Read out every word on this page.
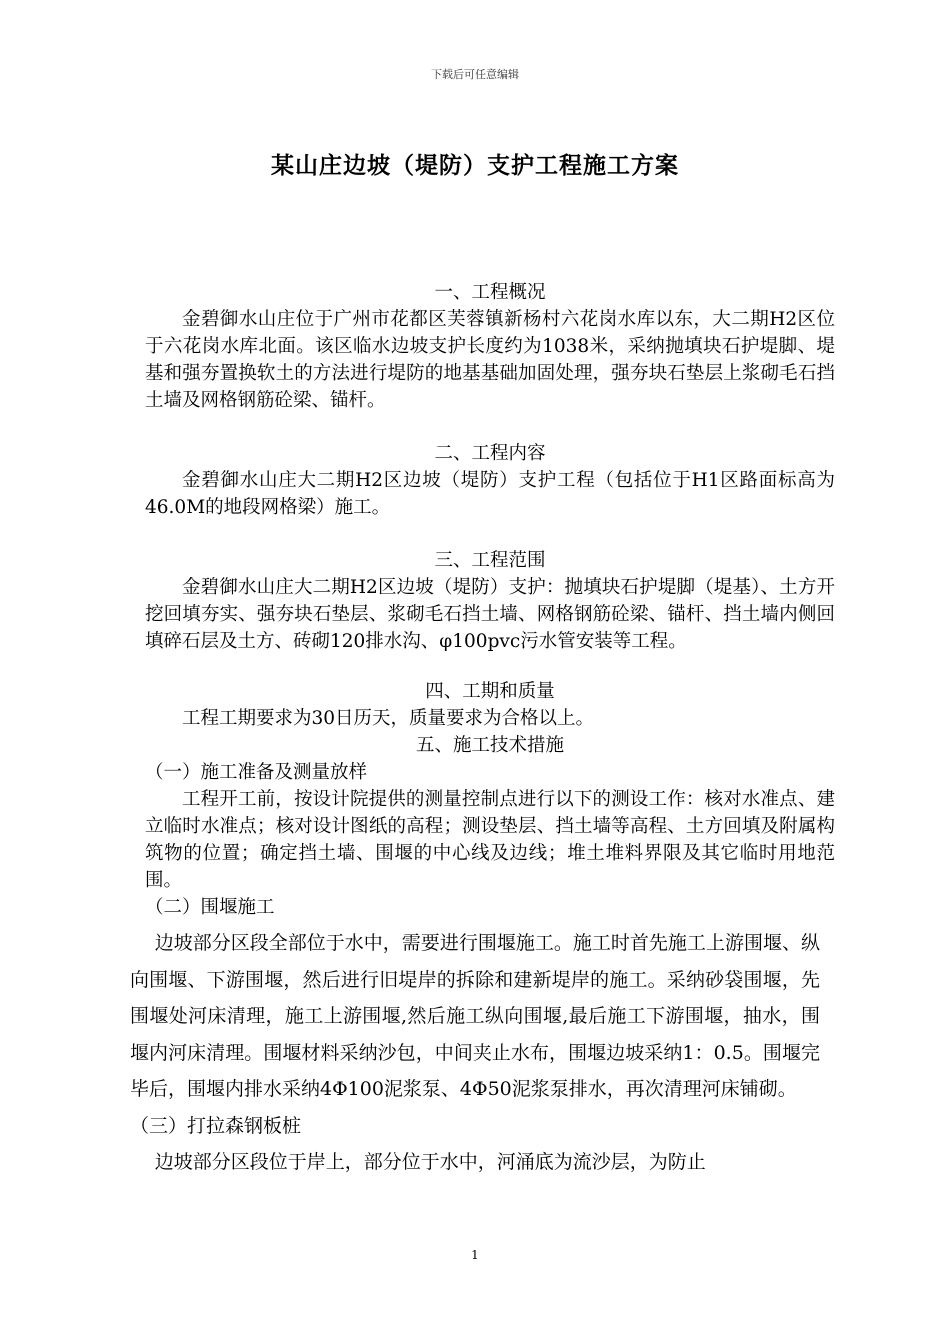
下载后可任意编辑
某山庄边坡（堤防）支护工程施工方案
一、工程概况

金碧御水山庄位于广州市花都区芙蓉镇新杨村六花岗水库以东，大二期H2区位于六花岗水库北面。该区临水边坡支护长度约为1038米，采纳抛填块石护堤脚、堤基和强夯置换软土的方法进行堤防的地基基础加固处理，强夯块石垫层上浆砌毛石挡土墙及网格钢筋砼梁、锚杆。

二、工程内容

金碧御水山庄大二期H2区边坡（堤防）支护工程（包括位于H1区路面标高为46.0M的地段网格梁）施工。

三、工程范围

金碧御水山庄大二期H2区边坡（堤防）支护：抛填块石护堤脚（堤基）、土方开挖回填夯实、强夯块石垫层、浆砌毛石挡土墙、网格钢筋砼梁、锚杆、挡土墙内侧回填碎石层及土方、砖砌120排水沟、φ100pvc污水管安装等工程。

四、工期和质量

工程工期要求为30日历天，质量要求为合格以上。

五、施工技术措施

（一）施工准备及测量放样

工程开工前，按设计院提供的测量控制点进行以下的测设工作：核对水准点、建立临时水准点；核对设计图纸的高程；测设垫层、挡土墙等高程、土方回填及附属构筑物的位置；确定挡土墙、围堰的中心线及边线；堆土堆料界限及其它临时用地范围。

（二）围堰施工

边坡部分区段全部位于水中，需要进行围堰施工。施工时首先施工上游围堰、纵向围堰、下游围堰，然后进行旧堤岸的拆除和建新堤岸的施工。采纳砂袋围堰，先围堰处河床清理，施工上游围堰,然后施工纵向围堰,最后施工下游围堰，抽水，围堰内河床清理。围堰材料采纳沙包，中间夹止水布，围堰边坡采纳1：0.5。围堰完毕后，围堰内排水采纳4Φ100泥浆泵、4Φ50泥浆泵排水，再次清理河床铺砌。

（三）打拉森钢板桩

边坡部分区段位于岸上，部分位于水中，河涌底为流沙层，为防止

1
